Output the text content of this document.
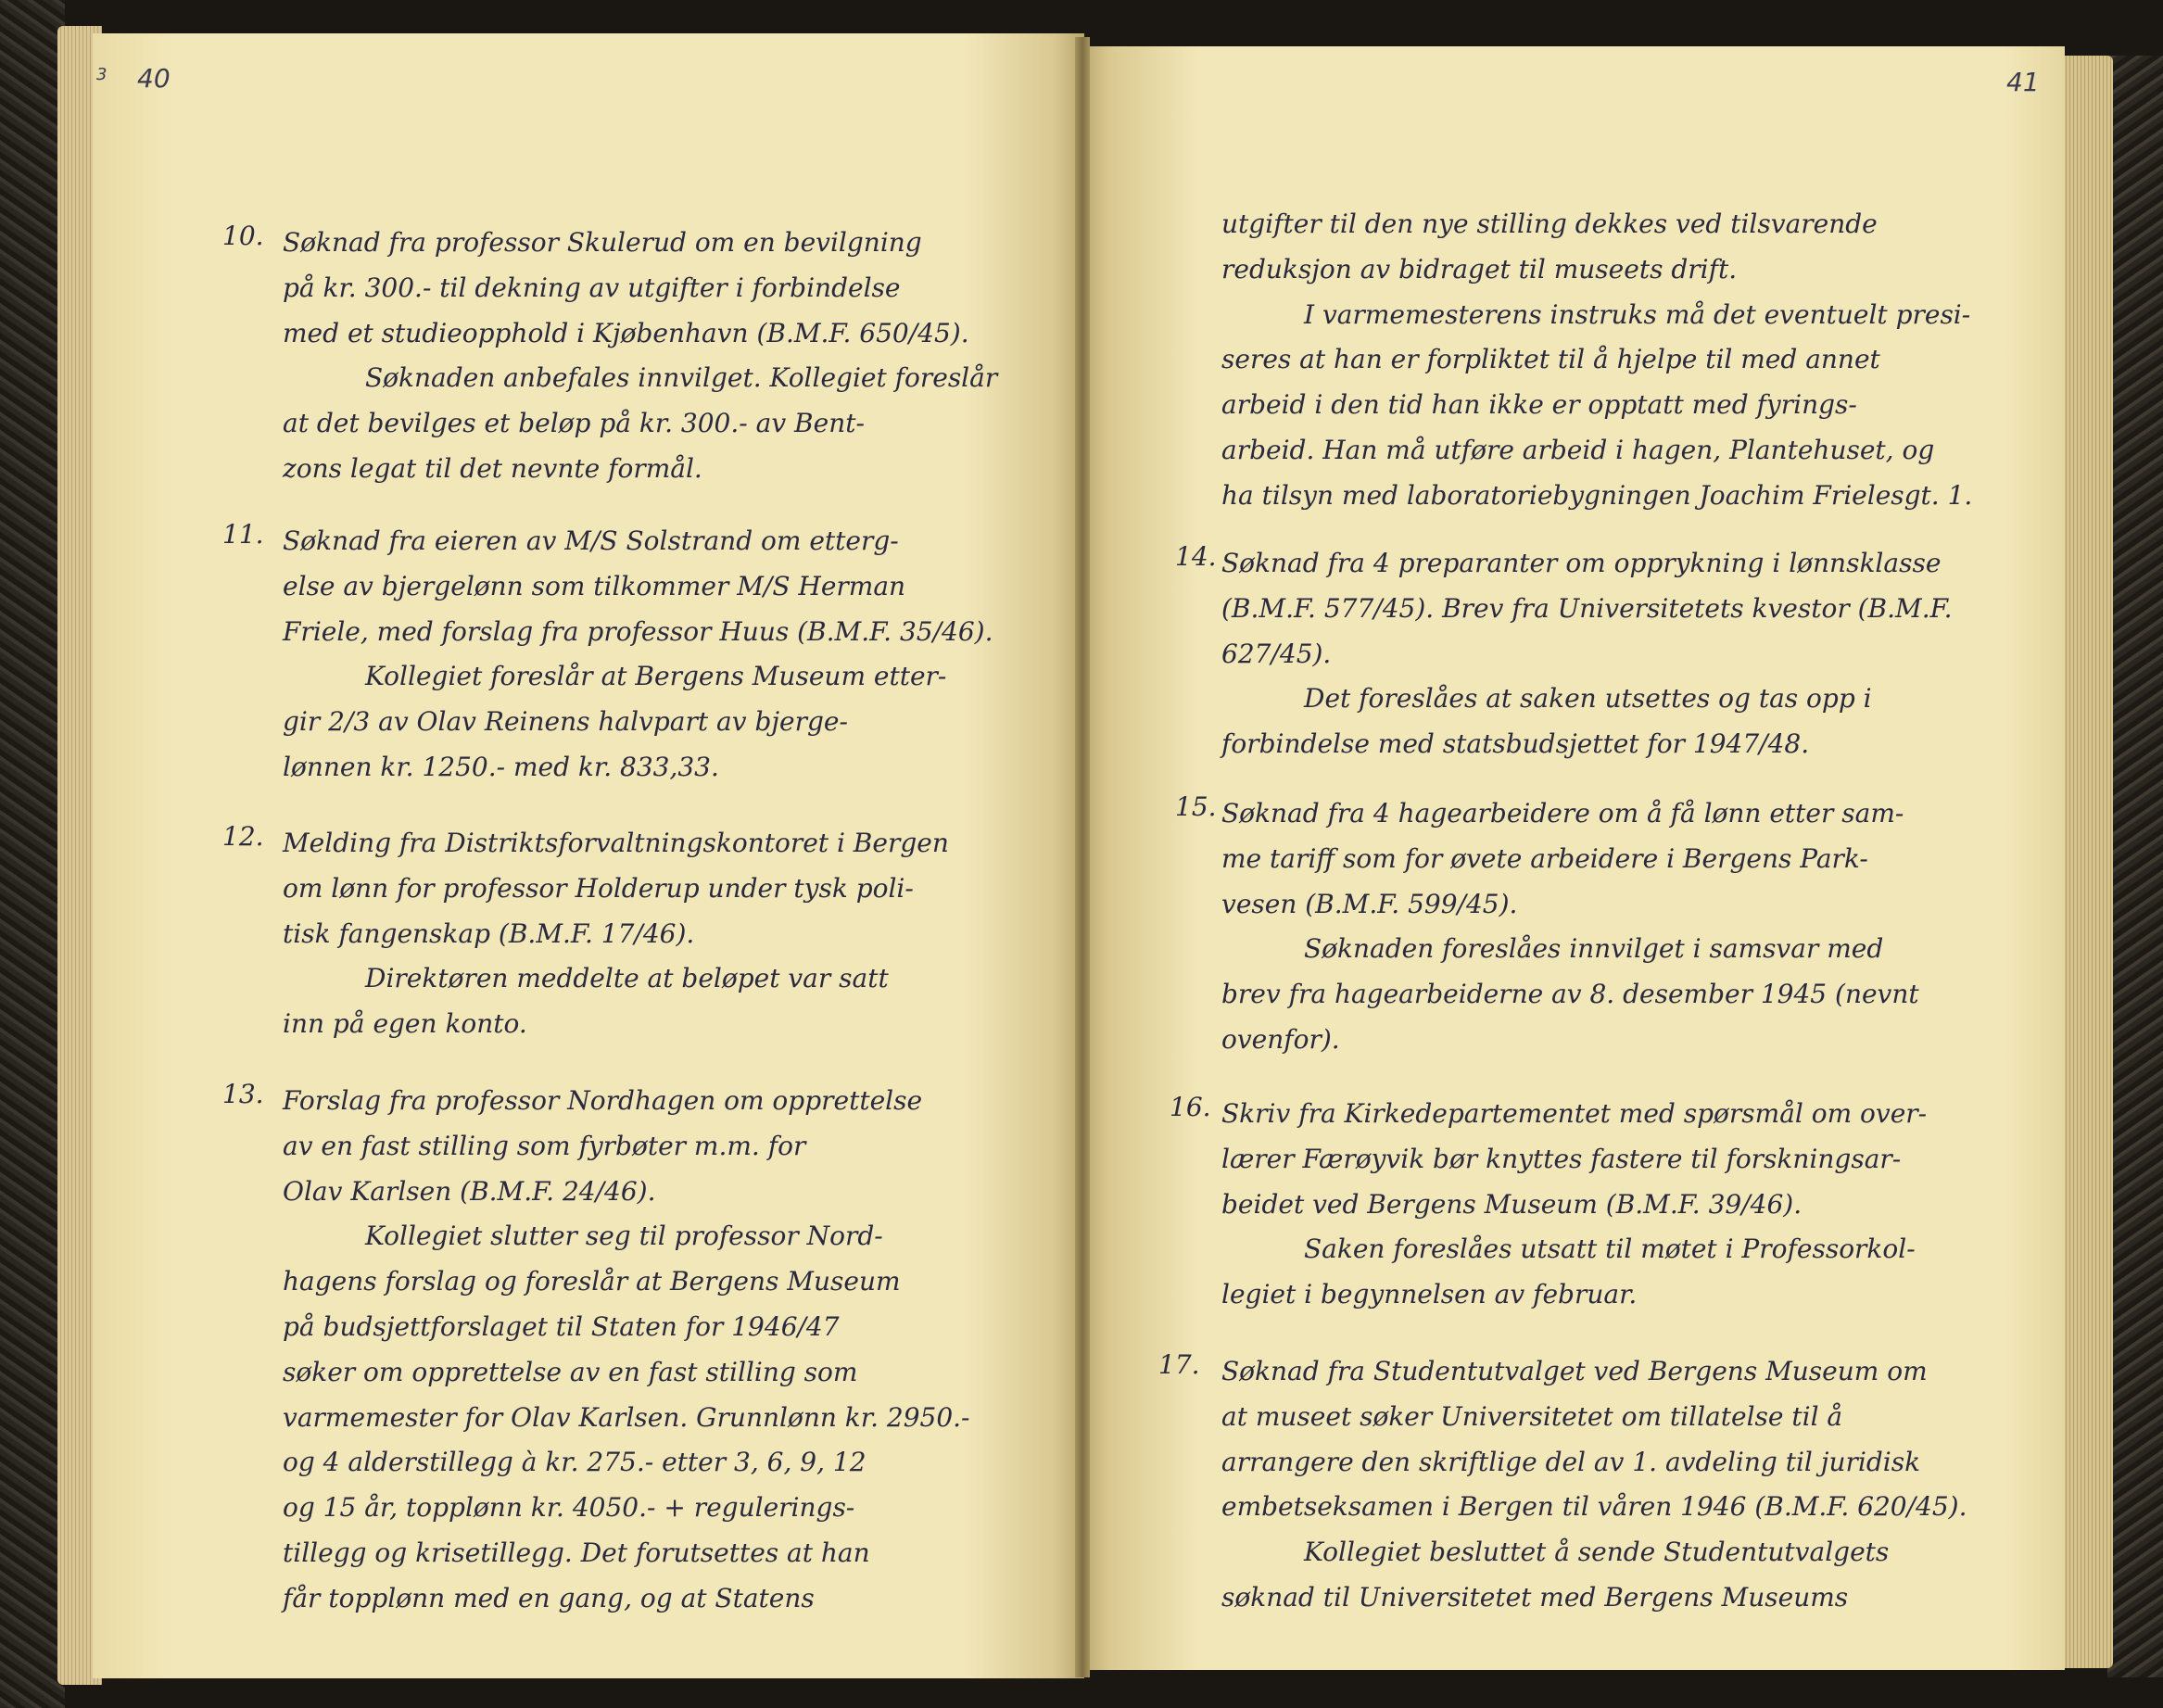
3 40	41
10. Søknad fra professor Skulerud om en bevilgning
på kr. 300.- til dekning av utgifter i forbindelse
med et studieopphold i Kjøbenhavn (B.M.F. 650/45).
Søknaden anbefales innvilget. Kollegiet foreslår
at det bevilges et beløp på kr. 300.- av Bent-
zons legat til det nevnte formål.
11. Søknad fra eieren av M/S Solstrand om etterg-
else av bjergelønn som tilkommer M/S Herman
Friele, med forslag fra professor Huus (B.M.F. 35/46).
Kollegiet foreslår at Bergens Museum etter-
gir 2/3 av Olav Reinens halvpart av bjerge-
lønnen kr. 1250.- med kr. 833,33.
12. Melding fra Distriktsforvaltningskontoret i Bergen
om lønn for professor Holderup under tysk poli-
tisk fangenskap (B.M.F. 17/46).
Direktøren meddelte at beløpet var satt
inn på egen konto.
13. Forslag fra professor Nordhagen om opprettelse
av en fast stilling som fyrbøter m.m. for
Olav Karlsen (B.M.F. 24/46).
Kollegiet slutter seg til professor Nord-
hagens forslag og foreslår at Bergens Museum
på budsjettforslaget til Staten for 1946/47
søker om opprettelse av en fast stilling som
varmemester for Olav Karlsen. Grunnlønn kr. 2950.-
og 4 alderstillegg à kr. 275.- etter 3, 6, 9, 12
og 15 år, topplønn kr. 4050.- + regulerings-
tillegg og krisetillegg. Det forutsettes at han
får topplønn med en gang, og at Statens
utgifter til den nye stilling dekkes ved tilsvarende
reduksjon av bidraget til museets drift.
I varmemesterens instruks må det eventuelt presi-
seres at han er forpliktet til å hjelpe til med annet
arbeid i den tid han ikke er opptatt med fyrings-
arbeid. Han må utføre arbeid i hagen, Plantehuset, og
ha tilsyn med laboratoriebygningen Joachim Frielesgt. 1.
14. Søknad fra 4 preparanter om opprykning i lønnsklasse
(B.M.F. 577/45). Brev fra Universitetets kvestor (B.M.F.
627/45).
Det foreslåes at saken utsettes og tas opp i
forbindelse med statsbudsjettet for 1947/48.
15. Søknad fra 4 hagearbeidere om å få lønn etter sam-
me tariff som for øvete arbeidere i Bergens Park-
vesen (B.M.F. 599/45).
Søknaden foreslåes innvilget i samsvar med
brev fra hagearbeiderne av 8. desember 1945 (nevnt
ovenfor).
16. Skriv fra Kirkedepartementet med spørsmål om over-
lærer Færøyvik bør knyttes fastere til forskningsar-
beidet ved Bergens Museum (B.M.F. 39/46).
Saken foreslåes utsatt til møtet i Professorkol-
legiet i begynnelsen av februar.
17. Søknad fra Studentutvalget ved Bergens Museum om
at museet søker Universitetet om tillatelse til å
arrangere den skriftlige del av 1. avdeling til juridisk
embetseksamen i Bergen til våren 1946 (B.M.F. 620/45).
Kollegiet besluttet å sende Studentutvalgets
søknad til Universitetet med Bergens Museums
